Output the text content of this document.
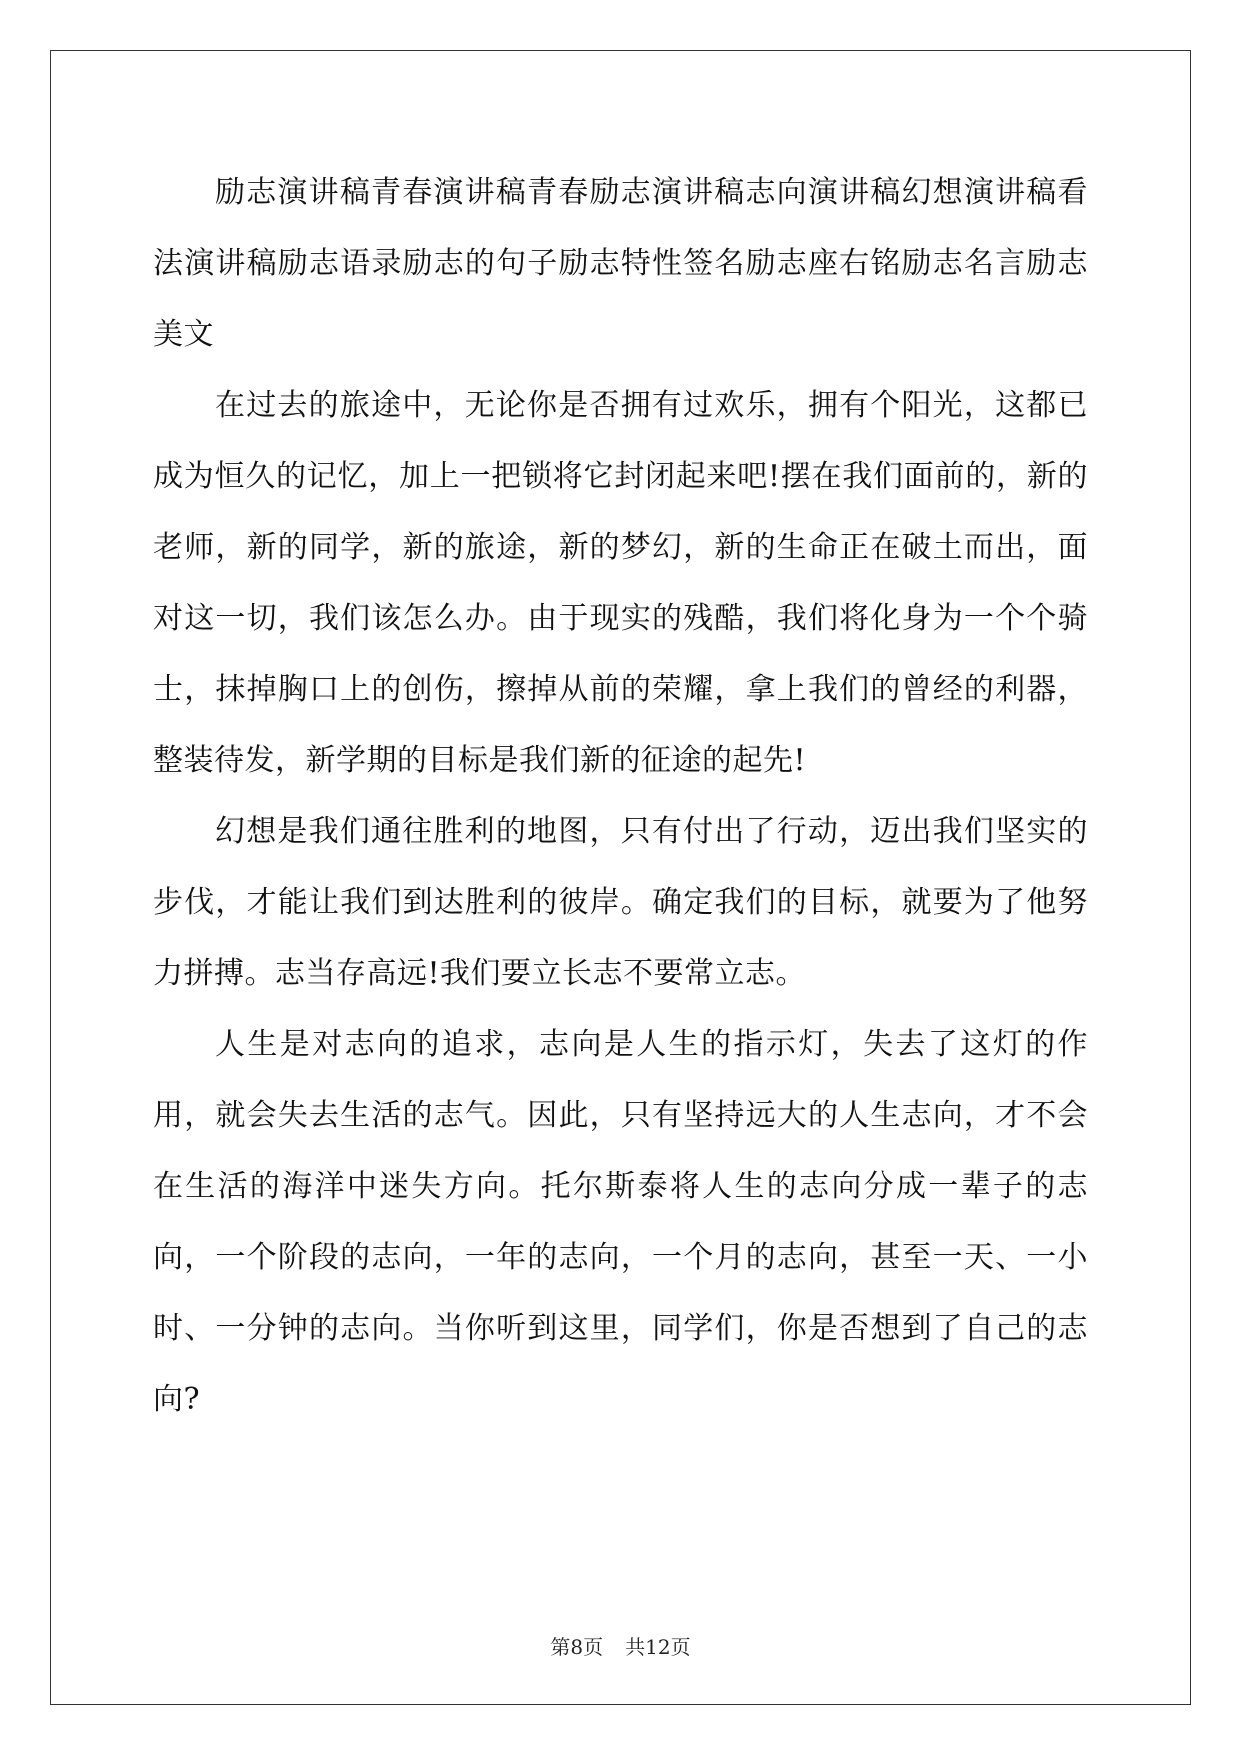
励志演讲稿青春演讲稿青春励志演讲稿志向演讲稿幻想演讲稿看法演讲稿励志语录励志的句子励志特性签名励志座右铭励志名言励志美文

在过去的旅途中，无论你是否拥有过欢乐，拥有个阳光，这都已成为恒久的记忆，加上一把锁将它封闭起来吧!摆在我们面前的，新的老师，新的同学，新的旅途，新的梦幻，新的生命正在破土而出，面对这一切，我们该怎么办。由于现实的残酷，我们将化身为一个个骑士，抹掉胸口上的创伤，擦掉从前的荣耀，拿上我们的曾经的利器，整装待发，新学期的目标是我们新的征途的起先!

幻想是我们通往胜利的地图，只有付出了行动，迈出我们坚实的步伐，才能让我们到达胜利的彼岸。确定我们的目标，就要为了他努力拼搏。志当存高远!我们要立长志不要常立志。

人生是对志向的追求，志向是人生的指示灯，失去了这灯的作用，就会失去生活的志气。因此，只有坚持远大的人生志向，才不会在生活的海洋中迷失方向。托尔斯泰将人生的志向分成一辈子的志向，一个阶段的志向，一年的志向，一个月的志向，甚至一天、一小时、一分钟的志向。当你听到这里，同学们，你是否想到了自己的志向?

第8页 共12页
